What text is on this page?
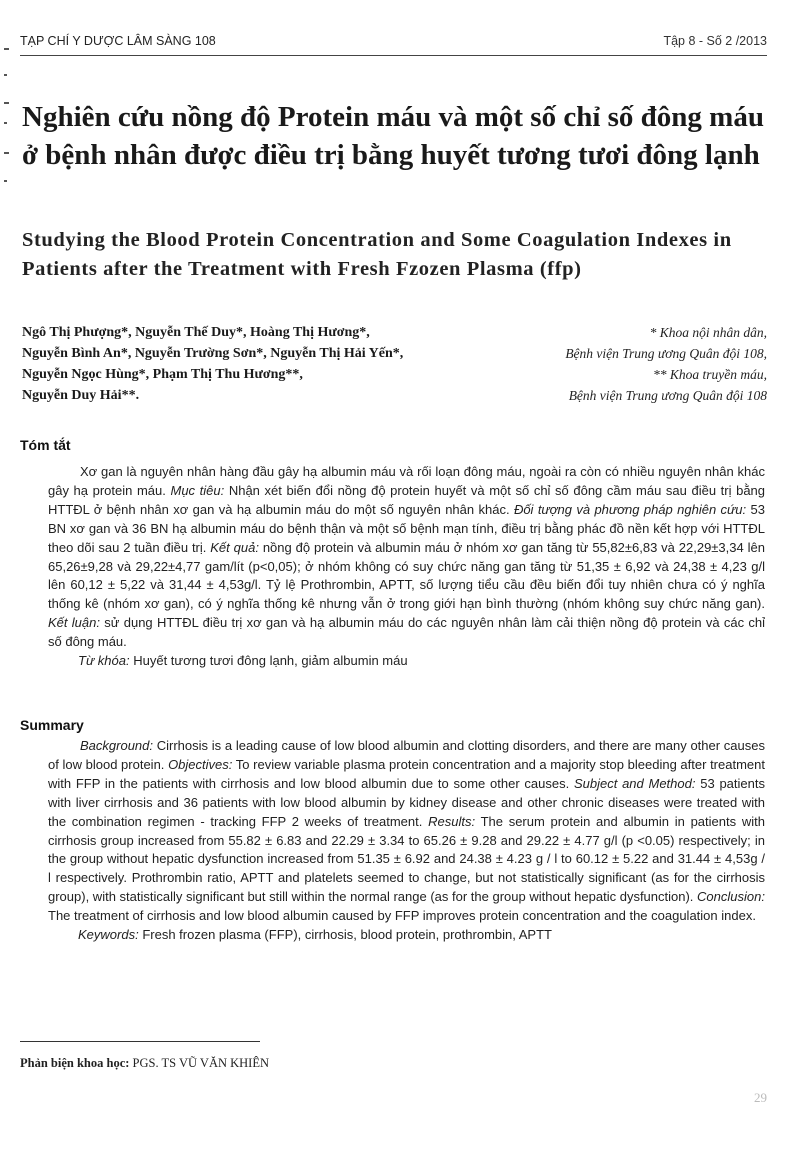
TẠP CHÍ Y DƯỢC LÂM SÀNG 108	Tập 8 - Số 2 /2013
Nghiên cứu nồng độ Protein máu và một số chỉ số đông máu ở bệnh nhân được điều trị bằng huyết tương tươi đông lạnh
Studying the Blood Protein Concentration and Some Coagulation Indexes in Patients after the Treatment with Fresh Fzozen Plasma (ffp)
Ngô Thị Phượng*, Nguyễn Thế Duy*, Hoàng Thị Hương*,
Nguyễn Bình An*, Nguyễn Trường Sơn*, Nguyễn Thị Hải Yến*,
Nguyễn Ngọc Hùng*, Phạm Thị Thu Hương**,
Nguyễn Duy Hải**.
* Khoa nội nhân dân,
Bệnh viện Trung ương Quân đội 108,
** Khoa truyền máu,
Bệnh viện Trung ương Quân đội 108
Tóm tắt

Xơ gan là nguyên nhân hàng đầu gây hạ albumin máu và rối loạn đông máu, ngoài ra còn có nhiều nguyên nhân khác gây hạ protein máu. Mục tiêu: Nhận xét biến đổi nồng độ protein huyết và một số chỉ số đông cầm máu sau điều trị bằng HTTĐL ở bệnh nhân xơ gan và hạ albumin máu do một số nguyên nhân khác. Đối tượng và phương pháp nghiên cứu: 53 BN xơ gan và 36 BN hạ albumin máu do bệnh thận và một số bệnh mạn tính, điều trị bằng phác đồ nền kết hợp với HTTĐL theo dõi sau 2 tuần điều trị. Kết quả: nồng độ protein và albumin máu ở nhóm xơ gan tăng từ 55,82±6,83 và 22,29±3,34 lên 65,26±9,28 và 29,22±4,77 gam/lít (p<0,05); ở nhóm không có suy chức năng gan tăng từ 51,35 ± 6,92 và 24,38 ± 4,23 g/l lên 60,12 ± 5,22 và 31,44 ± 4,53g/l. Tỷ lệ Prothrombin, APTT, số lượng tiểu cầu đều biến đổi tuy nhiên chưa có ý nghĩa thống kê (nhóm xơ gan), có ý nghĩa thống kê nhưng vẫn ở trong giới hạn bình thường (nhóm không suy chức năng gan). Kết luận: sử dụng HTTĐL điều trị xơ gan và hạ albumin máu do các nguyên nhân làm cải thiện nồng độ protein và các chỉ số đông máu.

Từ khóa: Huyết tương tươi đông lạnh, giảm albumin máu

Summary

Background: Cirrhosis is a leading cause of low blood albumin and clotting disorders, and there are many other causes of low blood protein. Objectives: To review variable plasma protein concentration and a majority stop bleeding after treatment with FFP in the patients with cirrhosis and low blood albumin due to some other causes. Subject and Method: 53 patients with liver cirrhosis and 36 patients with low blood albumin by kidney disease and other chronic diseases were treated with the combination regimen - tracking FFP 2 weeks of treatment. Results: The serum protein and albumin in patients with cirrhosis group increased from 55.82 ± 6.83 and 22.29 ± 3.34 to 65.26 ± 9.28 and 29.22 ± 4.77 g/l (p <0.05) respectively; in the group without hepatic dysfunction increased from 51.35 ± 6.92 and 24.38 ± 4.23 g / l to 60.12 ± 5.22 and 31.44 ± 4,53g / l respectively. Prothrombin ratio, APTT and platelets seemed to change, but not statistically significant (as for the cirrhosis group), with statistically significant but still within the normal range (as for the group without hepatic dysfunction). Conclusion: The treatment of cirrhosis and low blood albumin caused by FFP improves protein concentration and the coagulation index.

Keywords: Fresh frozen plasma (FFP), cirrhosis, blood protein, prothrombin, APTT

Phản biện khoa học: PGS. TS VŨ VĂN KHIÊN
29
